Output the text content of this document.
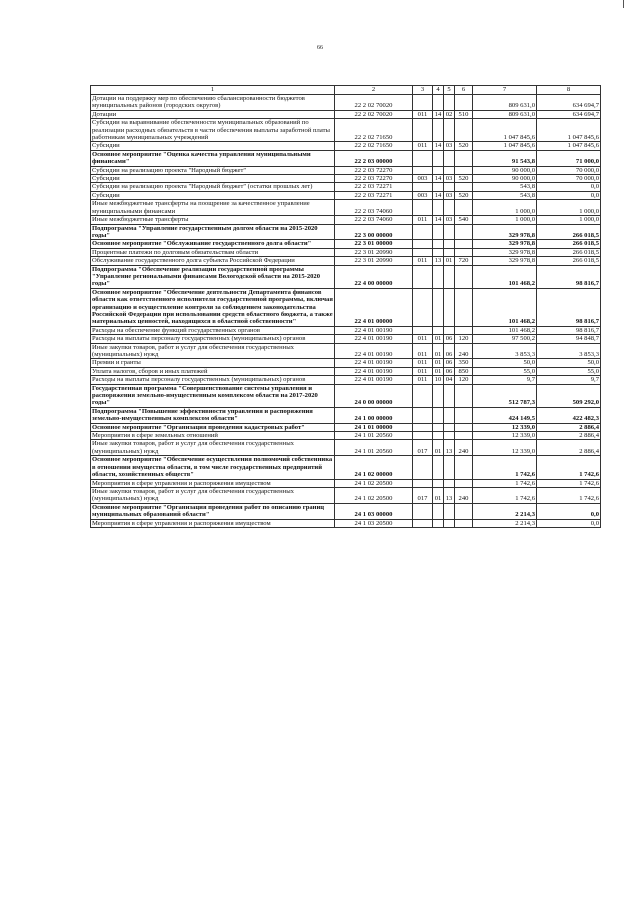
66
1	2	3	4	5	6	7	8
Дотации на поддержку мер по обеспечению сбалансированности бюджетов муниципальных районов (городских округов)	22 2 02 70020					809 631,0	634 694,7
Дотации	22 2 02 70020	011	14	02	510	809 631,0	634 694,7
Субсидии на выравнивание обеспеченности муниципальных образований по реализации расходных обязательств в части обеспечения выплаты заработной платы работникам муниципальных учреждений	22 2 02 71650					1 047 845,6	1 047 845,6
Субсидии	22 2 02 71650	011	14	03	520	1 047 845,6	1 047 845,6
Основное мероприятие "Оценка качества управления муниципальными финансами"	22 2 03 00000					91 543,8	71 000,0
Субсидии на реализацию проекта "Народный бюджет"	22 2 03 72270					90 000,0	70 000,0
Субсидии	22 2 03 72270	003	14	03	520	90 000,0	70 000,0
Субсидии на реализацию проекта "Народный бюджет" (остатки прошлых лет)	22 2 03 72271					543,8	0,0
Субсидии	22 2 03 72271	003	14	03	520	543,8	0,0
Иные межбюджетные трансферты на поощрение за качественное управление муниципальными финансами	22 2 03 74060					1 000,0	1 000,0
Иные межбюджетные трансферты	22 2 03 74060	011	14	03	540	1 000,0	1 000,0
Подпрограмма "Управление государственным долгом области на 2015-2020 годы"	22 3 00 00000					329 978,8	266 018,5
Основное мероприятие "Обслуживание государственного долга области"	22 3 01 00000					329 978,8	266 018,5
Процентные платежи по долговым обязательствам области	22 3 01 20990					329 978,8	266 018,5
Обслуживание государственного долга субъекта Российской Федерации	22 3 01 20990	011	13	01	720	329 978,8	266 018,5
Подпрограмма "Обеспечение реализации государственной программы "Управление региональными финансами Вологодской области на 2015-2020 годы"	22 4 00 00000					101 468,2	98 816,7
Основное мероприятие "Обеспечение деятельности Департамента финансов области как ответственного исполнителя государственной программы, включая организацию и осуществление контроля за соблюдением законодательства Российской Федерации при использовании средств областного бюджета, а также материальных ценностей, находящихся в областной собственности"	22 4 01 00000					101 468,2	98 816,7
Расходы на обеспечение функций государственных органов	22 4 01 00190					101 468,2	98 816,7
Расходы на выплаты персоналу государственных (муниципальных) органов	22 4 01 00190	011	01	06	120	97 500,2	94 848,7
Иные закупки товаров, работ и услуг для обеспечения государственных (муниципальных) нужд	22 4 01 00190	011	01	06	240	3 853,3	3 853,3
Премии и гранты	22 4 01 00190	011	01	06	350	50,0	50,0
Уплата налогов, сборов и иных платежей	22 4 01 00190	011	01	06	850	55,0	55,0
Расходы на выплаты персоналу государственных (муниципальных) органов	22 4 01 00190	011	10	04	120	9,7	9,7
Государственная программа "Совершенствование системы управления и распоряжения земельно-имущественным комплексом области на 2017-2020 годы"	24 0 00 00000					512 787,3	509 292,0
Подпрограмма "Повышение эффективности управления и распоряжения земельно-имущественным комплексом области"	24 1 00 00000					424 149,5	422 482,3
Основное мероприятие "Организация проведения кадастровых работ"	24 1 01 00000					12 339,0	2 886,4
Мероприятия в сфере земельных отношений	24 1 01 20560					12 339,0	2 886,4
Иные закупки товаров, работ и услуг для обеспечения государственных (муниципальных) нужд	24 1 01 20560	017	01	13	240	12 339,0	2 886,4
Основное мероприятие "Обеспечение осуществления полномочий собственника в отношении имущества области, в том числе государственных предприятий области, хозяйственных обществ"	24 1 02 00000					1 742,6	1 742,6
Мероприятия в сфере управления и распоряжения имуществом	24 1 02 20500					1 742,6	1 742,6
Иные закупки товаров, работ и услуг для обеспечения государственных (муниципальных) нужд	24 1 02 20500	017	01	13	240	1 742,6	1 742,6
Основное мероприятие "Организация проведения работ по описанию границ муниципальных образований области"	24 1 03 00000					2 214,3	0,0
Мероприятия в сфере управления и распоряжения имуществом	24 1 03 20500					2 214,3	0,0
